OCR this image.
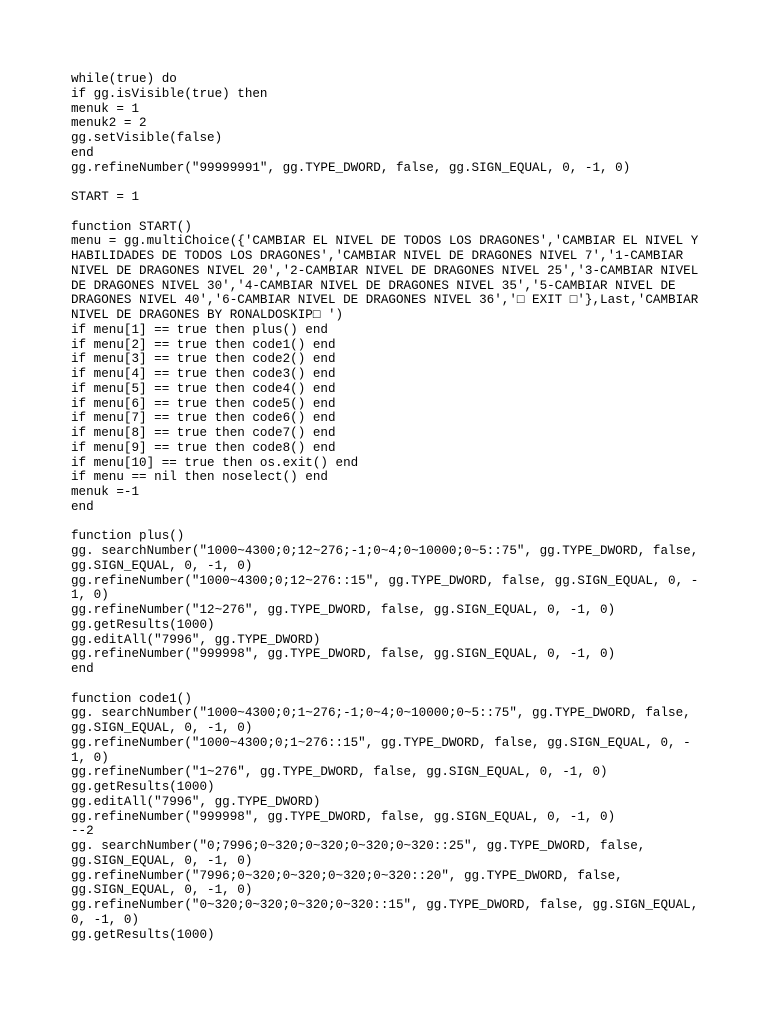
while(true) do
if gg.isVisible(true) then
menuk = 1
menuk2 = 2
gg.setVisible(false)
end
gg.refineNumber("99999991", gg.TYPE_DWORD, false, gg.SIGN_EQUAL, 0, -1, 0)
START = 1
function START()
menu = gg.multiChoice({'CAMBIAR EL NIVEL DE TODOS LOS DRAGONES','CAMBIAR EL NIVEL Y
HABILIDADES DE TODOS LOS DRAGONES','CAMBIAR NIVEL DE DRAGONES NIVEL 7','1-CAMBIAR
NIVEL DE DRAGONES NIVEL 20','2-CAMBIAR NIVEL DE DRAGONES NIVEL 25','3-CAMBIAR NIVEL
DE DRAGONES NIVEL 30','4-CAMBIAR NIVEL DE DRAGONES NIVEL 35','5-CAMBIAR NIVEL DE
DRAGONES NIVEL 40','6-CAMBIAR NIVEL DE DRAGONES NIVEL 36','□ EXIT □'},Last,'CAMBIAR
NIVEL DE DRAGONES BY RONALDOSKIP□ ')
if menu[1] == true then plus() end
if menu[2] == true then code1() end
if menu[3] == true then code2() end
if menu[4] == true then code3() end
if menu[5] == true then code4() end
if menu[6] == true then code5() end
if menu[7] == true then code6() end
if menu[8] == true then code7() end
if menu[9] == true then code8() end
if menu[10] == true then os.exit() end
if menu == nil then noselect() end
menuk =-1
end
function plus()
gg. searchNumber("1000~4300;0;12~276;-1;0~4;0~10000;0~5::75", gg.TYPE_DWORD, false,
gg.SIGN_EQUAL, 0, -1, 0)
gg.refineNumber("1000~4300;0;12~276::15", gg.TYPE_DWORD, false, gg.SIGN_EQUAL, 0, -
1, 0)
gg.refineNumber("12~276", gg.TYPE_DWORD, false, gg.SIGN_EQUAL, 0, -1, 0)
gg.getResults(1000)
gg.editAll("7996", gg.TYPE_DWORD)
gg.refineNumber("999998", gg.TYPE_DWORD, false, gg.SIGN_EQUAL, 0, -1, 0)
end
function code1()
gg. searchNumber("1000~4300;0;1~276;-1;0~4;0~10000;0~5::75", gg.TYPE_DWORD, false,
gg.SIGN_EQUAL, 0, -1, 0)
gg.refineNumber("1000~4300;0;1~276::15", gg.TYPE_DWORD, false, gg.SIGN_EQUAL, 0, -
1, 0)
gg.refineNumber("1~276", gg.TYPE_DWORD, false, gg.SIGN_EQUAL, 0, -1, 0)
gg.getResults(1000)
gg.editAll("7996", gg.TYPE_DWORD)
gg.refineNumber("999998", gg.TYPE_DWORD, false, gg.SIGN_EQUAL, 0, -1, 0)
--2
gg. searchNumber("0;7996;0~320;0~320;0~320;0~320::25", gg.TYPE_DWORD, false,
gg.SIGN_EQUAL, 0, -1, 0)
gg.refineNumber("7996;0~320;0~320;0~320;0~320::20", gg.TYPE_DWORD, false,
gg.SIGN_EQUAL, 0, -1, 0)
gg.refineNumber("0~320;0~320;0~320;0~320::15", gg.TYPE_DWORD, false, gg.SIGN_EQUAL,
0, -1, 0)
gg.getResults(1000)
